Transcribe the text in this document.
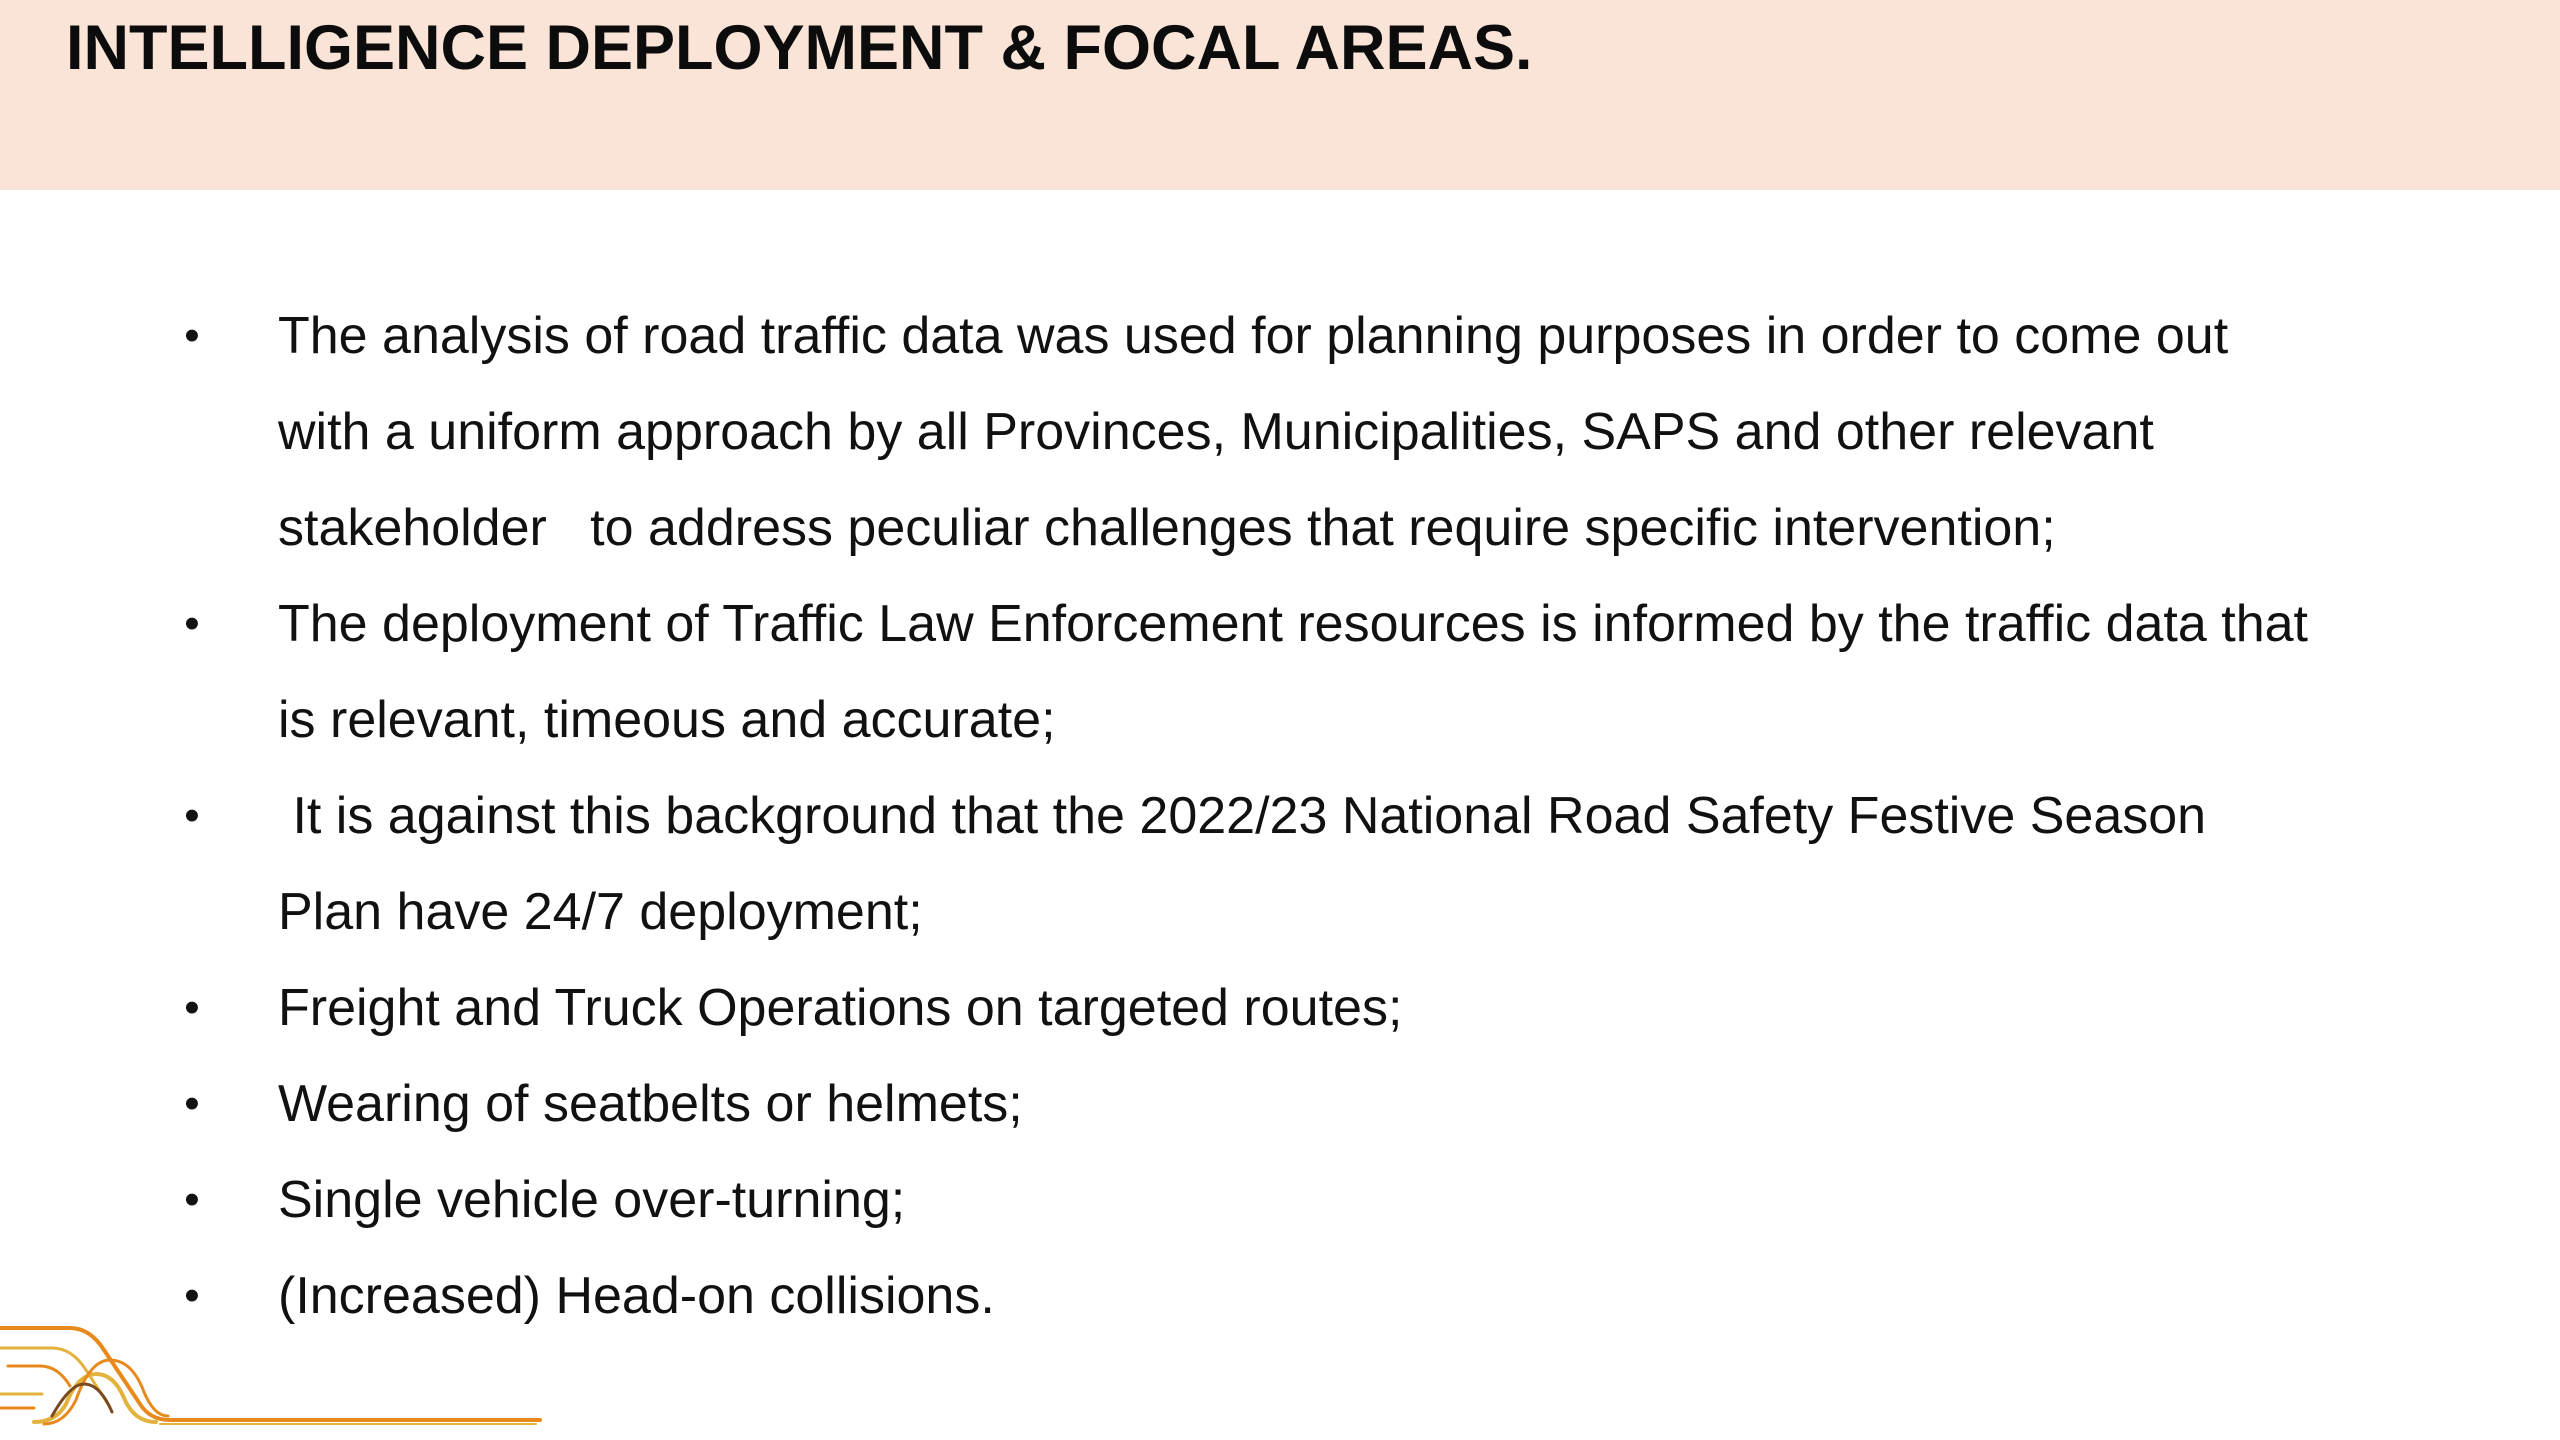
INTELLIGENCE DEPLOYMENT & FOCAL AREAS.
• The analysis of road traffic data was used for planning purposes in order to come out with a uniform approach by all Provinces, Municipalities, SAPS and other relevant stakeholder   to address peculiar challenges that require specific intervention;
• The deployment of Traffic Law Enforcement resources is informed by the traffic data that is relevant, timeous and accurate;
• It is against this background that the 2022/23 National Road Safety Festive Season Plan have 24/7 deployment;
• Freight and Truck Operations on targeted routes;
• Wearing of seatbelts or helmets;
• Single vehicle over-turning;
• (Increased) Head-on collisions.
